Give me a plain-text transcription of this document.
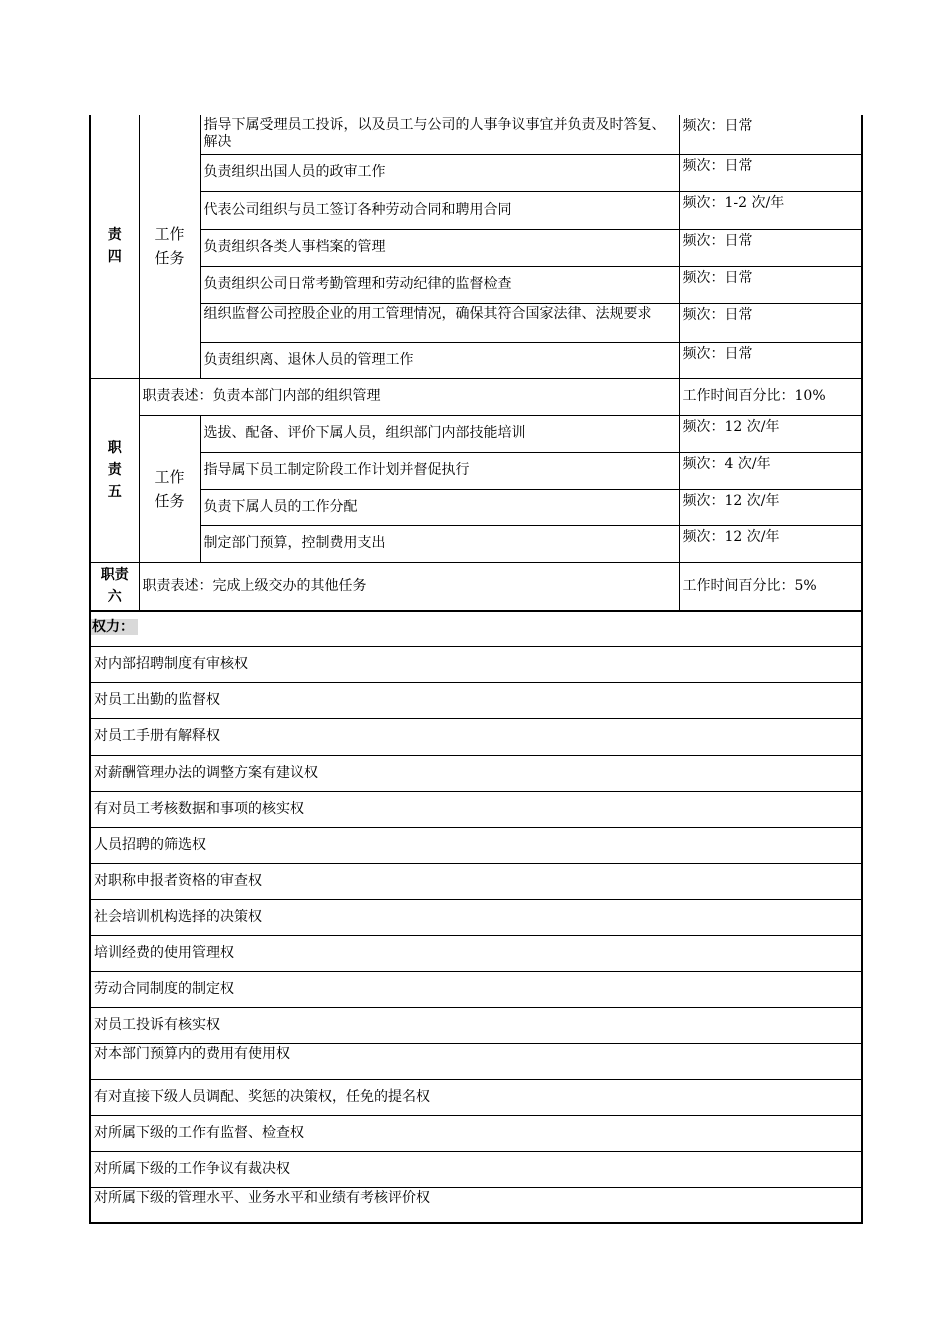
责
四	工作
任务	指导下属受理员工投诉，以及员工与公司的人事争议事宜并负责及时答复、解决	频次：日常
		负责组织出国人员的政审工作	频次：日常
		代表公司组织与员工签订各种劳动合同和聘用合同	频次：1-2 次/年
		负责组织各类人事档案的管理	频次：日常
		负责组织公司日常考勤管理和劳动纪律的监督检查	频次：日常
		组织监督公司控股企业的用工管理情况，确保其符合国家法律、法规要求	频次：日常
		负责组织离、退休人员的管理工作	频次：日常
职
责
五	职责表述：负责本部门内部的组织管理		工作时间百分比：10%
	工作
任务	选拔、配备、评价下属人员，组织部门内部技能培训	频次：12 次/年
		指导属下员工制定阶段工作计划并督促执行	频次：4 次/年
		负责下属人员的工作分配	频次：12 次/年
		制定部门预算，控制费用支出	频次：12 次/年
职责
六	职责表述：完成上级交办的其他任务		工作时间百分比：5%
权力：
对内部招聘制度有审核权
对员工出勤的监督权
对员工手册有解释权
对薪酬管理办法的调整方案有建议权
有对员工考核数据和事项的核实权
人员招聘的筛选权
对职称申报者资格的审查权
社会培训机构选择的决策权
培训经费的使用管理权
劳动合同制度的制定权
对员工投诉有核实权
对本部门预算内的费用有使用权
有对直接下级人员调配、奖惩的决策权，任免的提名权
对所属下级的工作有监督、检查权
对所属下级的工作争议有裁决权
对所属下级的管理水平、业务水平和业绩有考核评价权
